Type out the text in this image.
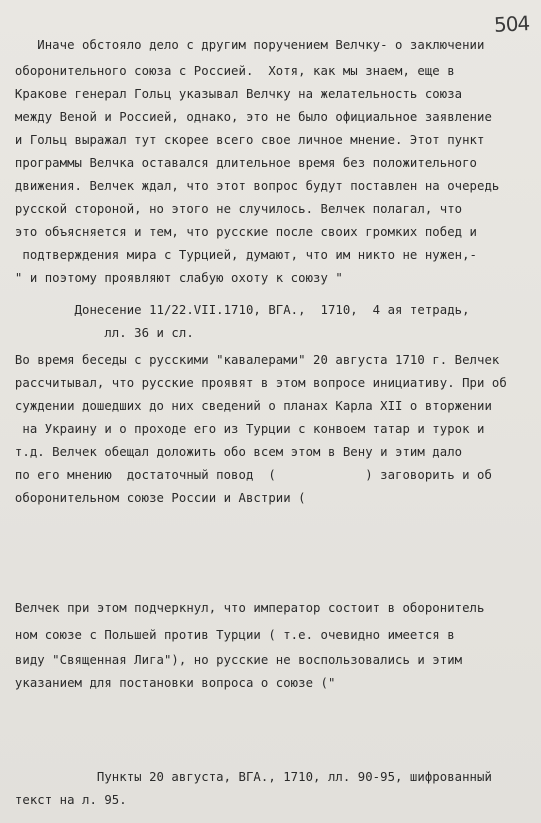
504
Иначе обстояло дело с другим поручением Велчку- о заключении
оборонительного союза с Россией.  Хотя, как мы знаем, еще в
Кракове генерал Гольц указывал Велчку на желательность союза
между Веной и Россией, однако, это не было официальное заявление
и Гольц выражал тут скорее всего свое личное мнение. Этот пункт
программы Велчка оставался длительное время без положительного
движения. Велчек ждал, что этот вопрос будут поставлен на очередь
русской стороной, но этого не случилось. Велчек полагал, что
это объясняется и тем, что русские после своих громких побед и
подтверждения мира с Турцией, думают, что им никто не нужен,-
" и поэтому проявляют слабую охоту к союзу "
Донесение 11/22.VII.1710, ВГА.,  1710,  4 ая тетрадь,
лл. 36 и сл.
Во время беседы с русскими "кавалерами" 20 августа 1710 г. Велчек
рассчитывал, что русские проявят в этом вопросе инициативу. При об
суждении дошедших до них сведений о планах Карла XII о вторжении
на Украину и о проходе его из Турции с конвоем татар и турок и
т.д. Велчек обещал доложить обо всем этом в Вену и этим дало
по его мнению  достаточный повод  (            ) заговорить и об
оборонительном союзе России и Австрии (
Велчек при этом подчеркнул, что император состоит в оборонитель
ном союзе с Польшей против Турции ( т.е. очевидно имеется в
виду "Священная Лига"), но русские не воспользовались и этим
указанием для постановки вопроса о союзе ("
Пункты 20 августа, ВГА., 1710, лл. 90-95, шифрованный
текст на л. 95.
